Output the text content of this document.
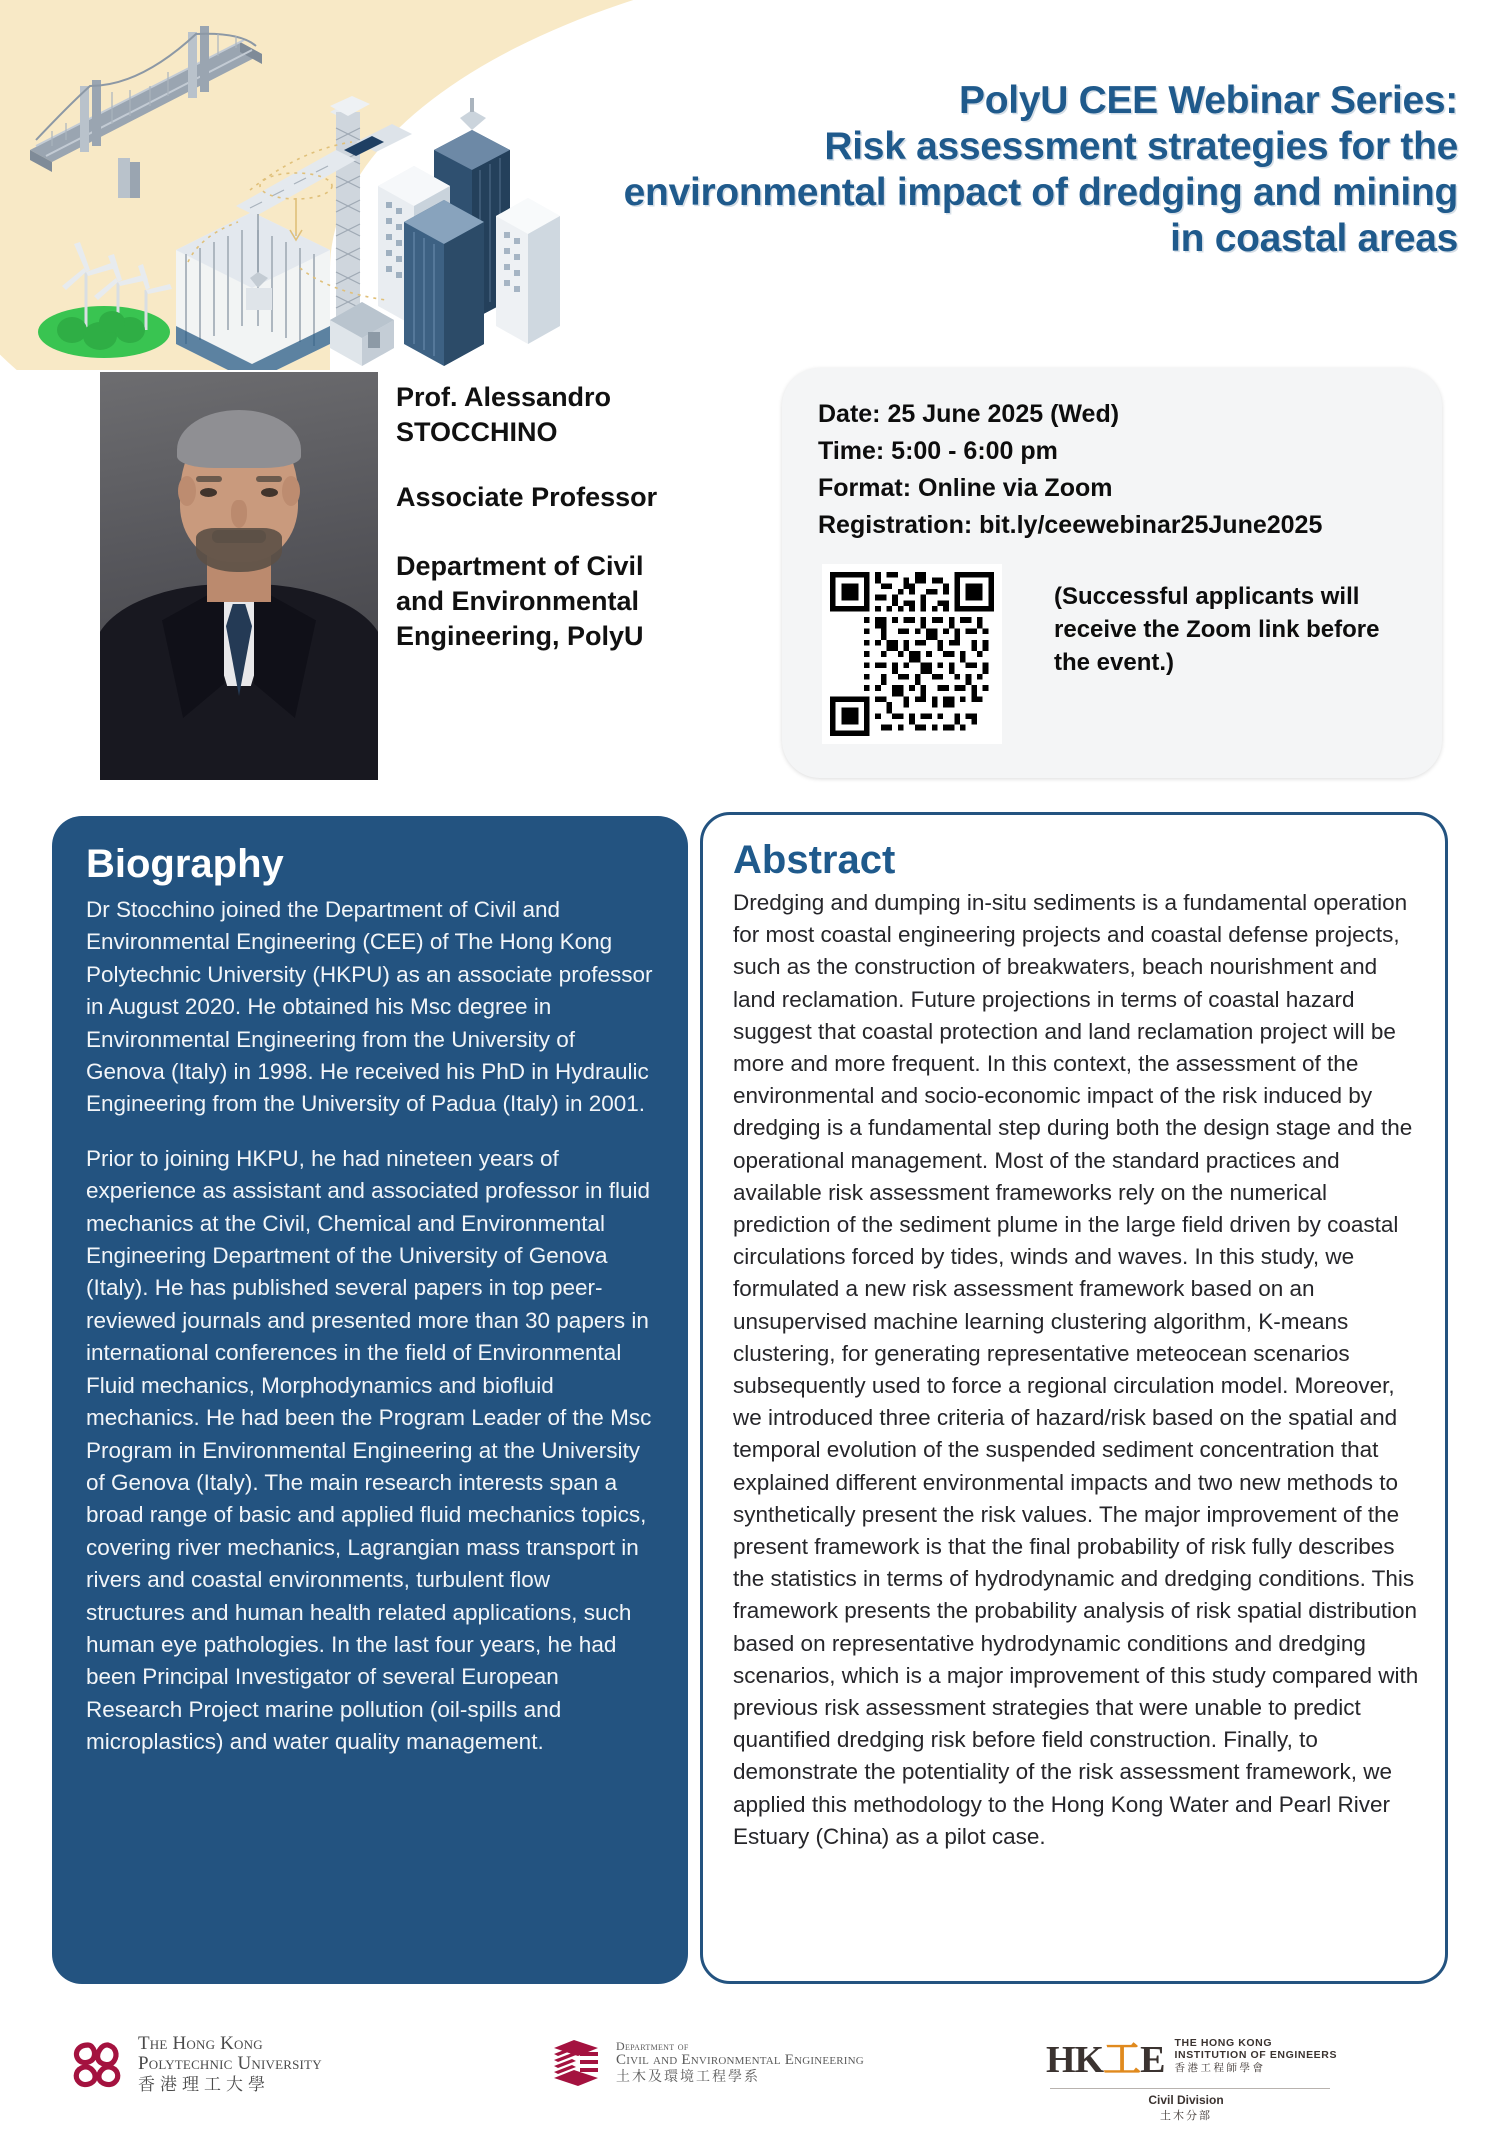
PolyU CEE Webinar Series:
Risk assessment strategies for the
environmental impact of dredging and mining
in coastal areas
Prof. Alessandro
STOCCHINO
Associate Professor
Department of Civil
and Environmental
Engineering, PolyU
Date: 25 June 2025 (Wed)
Time: 5:00 - 6:00 pm
Format: Online via Zoom
Registration: bit.ly/ceewebinar25June2025
(Successful applicants will receive the Zoom link before the event.)
Biography

Dr Stocchino joined the Department of Civil and Environmental Engineering (CEE) of The Hong Kong Polytechnic University (HKPU) as an associate professor in August 2020. He obtained his Msc degree in Environmental Engineering from the University of Genova (Italy) in 1998. He received his PhD in Hydraulic Engineering from the University of Padua (Italy) in 2001.

Prior to joining HKPU, he had nineteen years of experience as assistant and associated professor in fluid mechanics at the Civil, Chemical and Environmental Engineering Department of the University of Genova (Italy). He has published several papers in top peer-reviewed journals and presented more than 30 papers in international conferences in the field of Environmental Fluid mechanics, Morphodynamics and biofluid mechanics. He had been the Program Leader of the Msc Program in Environmental Engineering at the University of Genova (Italy). The main research interests span a broad range of basic and applied fluid mechanics topics, covering river mechanics, Lagrangian mass transport in rivers and coastal environments, turbulent flow structures and human health related applications, such human eye pathologies. In the last four years, he had been Principal Investigator of several European Research Project marine pollution (oil-spills and microplastics) and water quality management.

Abstract

Dredging and dumping in-situ sediments is a fundamental operation for most coastal engineering projects and coastal defense projects, such as the construction of breakwaters, beach nourishment and land reclamation. Future projections in terms of coastal hazard suggest that coastal protection and land reclamation project will be more and more frequent. In this context, the assessment of the environmental and socio-economic impact of the risk induced by dredging is a fundamental step during both the design stage and the operational management. Most of the standard practices and available risk assessment frameworks rely on the numerical prediction of the sediment plume in the large field driven by coastal circulations forced by tides, winds and waves. In this study, we formulated a new risk assessment framework based on an unsupervised machine learning clustering algorithm, K-means clustering, for generating representative meteocean scenarios subsequently used to force a regional circulation model. Moreover, we introduced three criteria of hazard/risk based on the spatial and temporal evolution of the suspended sediment concentration that explained different environmental impacts and two new methods to synthetically present the risk values. The major improvement of the present framework is that the final probability of risk fully describes the statistics in terms of hydrodynamic and dredging conditions. This framework presents the probability analysis of risk spatial distribution based on representative hydrodynamic conditions and dredging scenarios, which is a major improvement of this study compared with previous risk assessment strategies that were unable to predict quantified dredging risk before field construction. Finally, to demonstrate the potentiality of the risk assessment framework, we applied this methodology to the Hong Kong Water and Pearl River Estuary (China) as a pilot case.

The Hong Kong
Polytechnic University
香港理工大學
Department of
Civil and Environmental Engineering
土木及環境工程學系	HK工E THE HONG KONG
INSTITUTION OF ENGINEERS
香港工程師學會
Civil Division
土木分部
